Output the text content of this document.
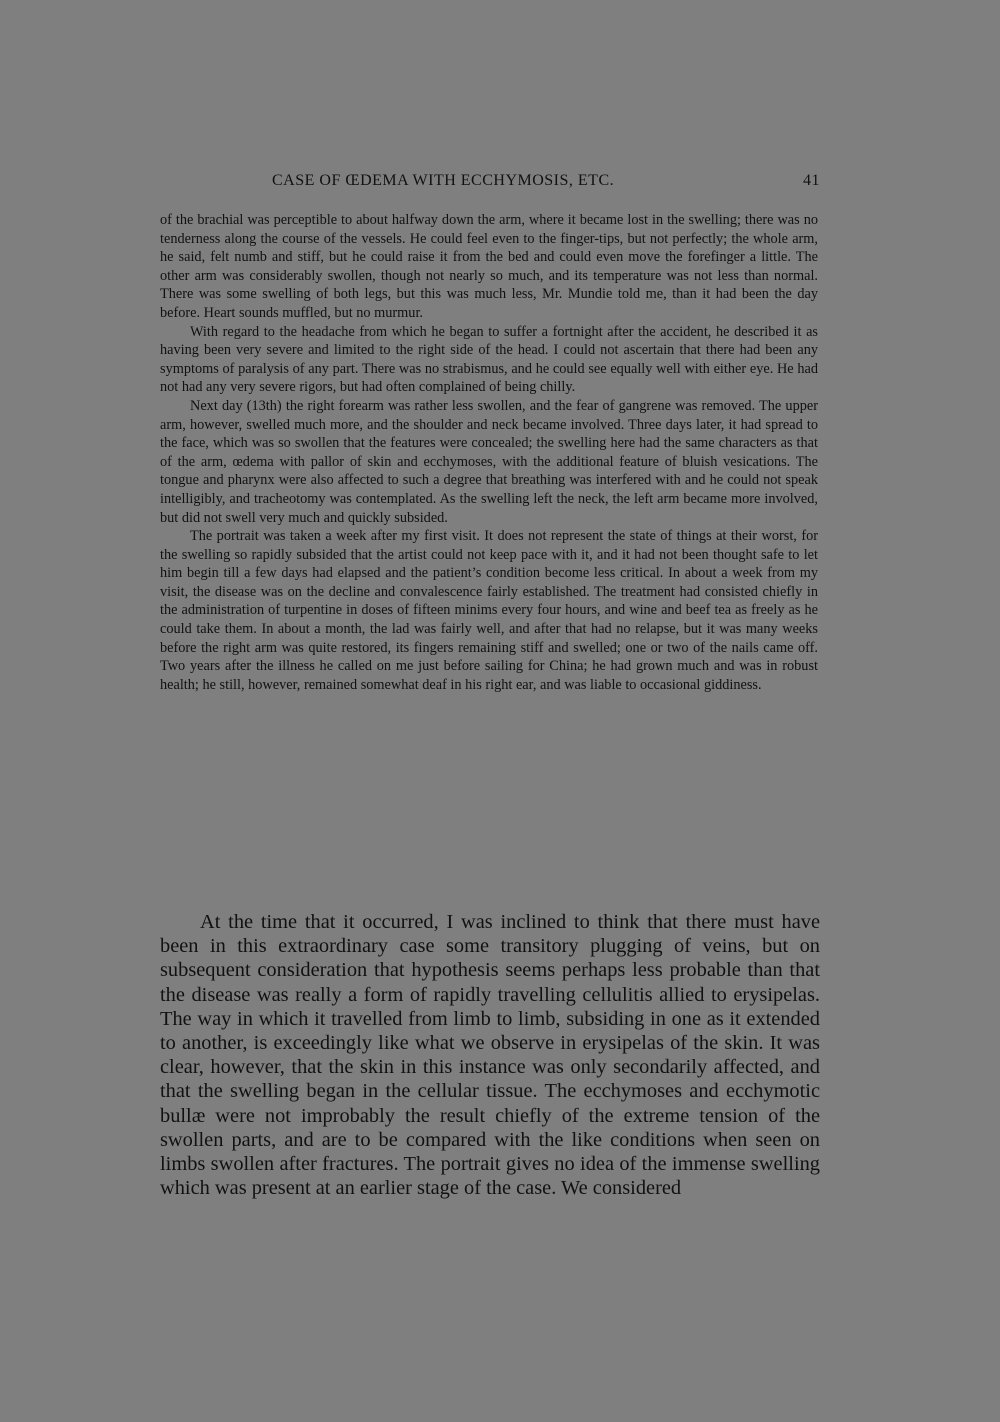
CASE OF ŒDEMA WITH ECCHYMOSIS, ETC.	41

of the brachial was perceptible to about halfway down the arm, where it became lost in the swelling; there was no tenderness along the course of the vessels. He could feel even to the finger-tips, but not perfectly; the whole arm, he said, felt numb and stiff, but he could raise it from the bed and could even move the forefinger a little. The other arm was considerably swollen, though not nearly so much, and its temperature was not less than normal. There was some swelling of both legs, but this was much less, Mr. Mundie told me, than it had been the day before. Heart sounds muffled, but no murmur.

With regard to the headache from which he began to suffer a fortnight after the accident, he described it as having been very severe and limited to the right side of the head. I could not ascertain that there had been any symptoms of paralysis of any part. There was no strabismus, and he could see equally well with either eye. He had not had any very severe rigors, but had often complained of being chilly.

Next day (13th) the right forearm was rather less swollen, and the fear of gangrene was removed. The upper arm, however, swelled much more, and the shoulder and neck became involved. Three days later, it had spread to the face, which was so swollen that the features were concealed; the swelling here had the same characters as that of the arm, œdema with pallor of skin and ecchymoses, with the additional feature of bluish vesications. The tongue and pharynx were also affected to such a degree that breathing was interfered with and he could not speak intelligibly, and tracheotomy was contemplated. As the swelling left the neck, the left arm became more involved, but did not swell very much and quickly subsided.

The portrait was taken a week after my first visit. It does not represent the state of things at their worst, for the swelling so rapidly subsided that the artist could not keep pace with it, and it had not been thought safe to let him begin till a few days had elapsed and the patient’s condition become less critical. In about a week from my visit, the disease was on the decline and convalescence fairly established. The treatment had consisted chiefly in the administration of turpentine in doses of fifteen minims every four hours, and wine and beef tea as freely as he could take them. In about a month, the lad was fairly well, and after that had no relapse, but it was many weeks before the right arm was quite restored, its fingers remaining stiff and swelled; one or two of the nails came off. Two years after the illness he called on me just before sailing for China; he had grown much and was in robust health; he still, however, remained somewhat deaf in his right ear, and was liable to occasional giddiness.

At the time that it occurred, I was inclined to think that there must have been in this extraordinary case some transitory plugging of veins, but on subsequent consideration that hypothesis seems perhaps less probable than that the disease was really a form of rapidly travelling cellulitis allied to erysipelas. The way in which it travelled from limb to limb, subsiding in one as it extended to another, is exceedingly like what we observe in erysipelas of the skin. It was clear, however, that the skin in this instance was only secondarily affected, and that the swelling began in the cellular tissue. The ecchymoses and ecchymotic bullæ were not improbably the result chiefly of the extreme tension of the swollen parts, and are to be compared with the like conditions when seen on limbs swollen after fractures. The portrait gives no idea of the immense swelling which was present at an earlier stage of the case. We considered
